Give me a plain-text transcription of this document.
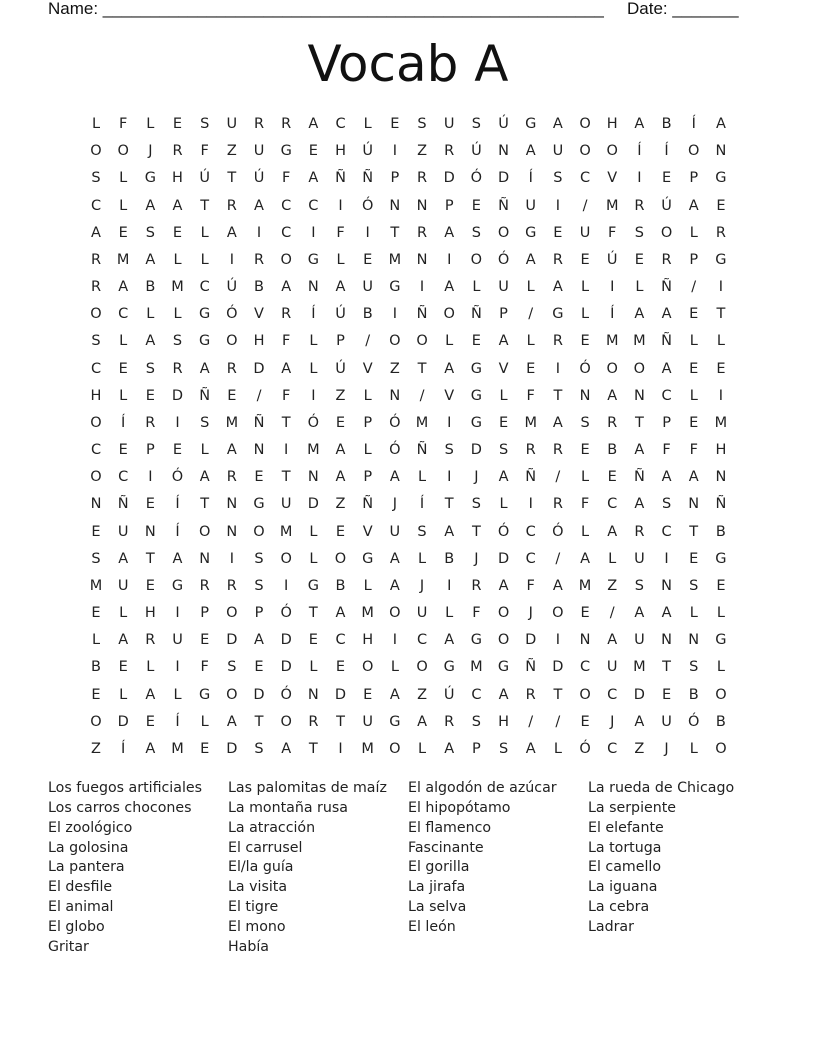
Name: _____________________________________________________ Date: _______
Vocab A
L	F	L	E	S	U	R	R	A	C	L	E	S	U	S	Ú	G	A	O	H	A	B	Í	A
O	O	J	R	F	Z	U	G	E	H	Ú	I	Z	R	Ú	N	A	U	O	O	Í	Í	O	N
S	L	G	H	Ú	T	Ú	F	A	Ñ	Ñ	P	R	D	Ó	D	Í	S	C	V	I	E	P	G
C	L	A	A	T	R	A	C	C	I	Ó	N	N	P	E	Ñ	U	I	/	M	R	Ú	A	E
A	E	S	E	L	A	I	C	I	F	I	T	R	A	S	O	G	E	U	F	S	O	L	R
R	M	A	L	L	I	R	O	G	L	E	M	N	I	O	Ó	A	R	E	Ú	E	R	P	G
R	A	B	M	C	Ú	B	A	N	A	U	G	I	A	L	U	L	A	L	I	L	Ñ	/	I
O	C	L	L	G	Ó	V	R	Í	Ú	B	I	Ñ	O	Ñ	P	/	G	L	Í	A	A	E	T
S	L	A	S	G	O	H	F	L	P	/	O	O	L	E	A	L	R	E	M	M	Ñ	L	L
C	E	S	R	A	R	D	A	L	Ú	V	Z	T	A	G	V	E	I	Ó	O	O	A	E	E
H	L	E	D	Ñ	E	/	F	I	Z	L	N	/	V	G	L	F	T	N	A	N	C	L	I
O	Í	R	I	S	M	Ñ	T	Ó	E	P	Ó	M	I	G	E	M	A	S	R	T	P	E	M
C	E	P	E	L	A	N	I	M	A	L	Ó	Ñ	S	D	S	R	R	E	B	A	F	F	H
O	C	I	Ó	A	R	E	T	N	A	P	A	L	I	J	A	Ñ	/	L	E	Ñ	A	A	N
N	Ñ	E	Í	T	N	G	U	D	Z	Ñ	J	Í	T	S	L	I	R	F	C	A	S	N	Ñ
E	U	N	Í	O	N	O	M	L	E	V	U	S	A	T	Ó	C	Ó	L	A	R	C	T	B
S	A	T	A	N	I	S	O	L	O	G	A	L	B	J	D	C	/	A	L	U	I	E	G
M	U	E	G	R	R	S	I	G	B	L	A	J	I	R	A	F	A	M	Z	S	N	S	E
E	L	H	I	P	O	P	Ó	T	A	M	O	U	L	F	O	J	O	E	/	A	A	L	L
L	A	R	U	E	D	A	D	E	C	H	I	C	A	G	O	D	I	N	A	U	N	N	G
B	E	L	I	F	S	E	D	L	E	O	L	O	G	M	G	Ñ	D	C	U	M	T	S	L
E	L	A	L	G	O	D	Ó	N	D	E	A	Z	Ú	C	A	R	T	O	C	D	E	B	O
O	D	E	Í	L	A	T	O	R	T	U	G	A	R	S	H	/	/	E	J	A	U	Ó	B
Z	Í	A	M	E	D	S	A	T	I	M	O	L	A	P	S	A	L	Ó	C	Z	J	L	O
Los fuegos artificiales
Los carros chocones
El zoológico
La golosina
La pantera
El desfile
El animal
El globo
Gritar
Las palomitas de maíz
La montaña rusa
La atracción
El carrusel
El/la guía
La visita
El tigre
El mono
Había
El algodón de azúcar
El hipopótamo
El flamenco
Fascinante
El gorilla
La jirafa
La selva
El león
La rueda de Chicago
La serpiente
El elefante
La tortuga
El camello
La iguana
La cebra
Ladrar
